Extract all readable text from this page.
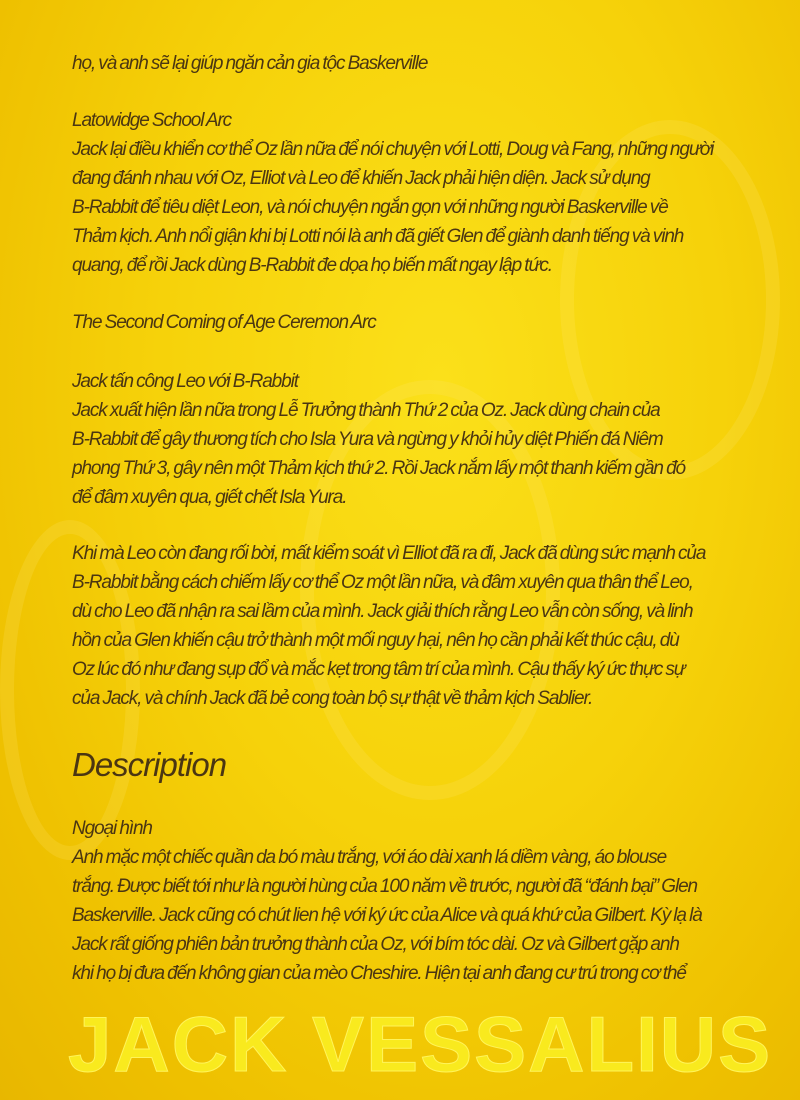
họ, và anh sẽ lại giúp ngăn cản gia tộc Baskerville
Latowidge School Arc
Jack lại điều khiển cơ thể Oz lần nữa để nói chuyện với Lotti, Doug và Fang, những người
đang đánh nhau với Oz, Elliot và Leo để khiến Jack phải hiện diện. Jack sử dụng
B-Rabbit để tiêu diệt Leon, và nói chuyện ngắn gọn với những người Baskerville về
Thảm kịch. Anh nổi giận khi bị Lotti nói là anh đã giết Glen để giành danh tiếng và vinh
quang, để rồi Jack dùng B-Rabbit đe dọa họ biến mất ngay lập tức.
The Second Coming of Age Ceremon Arc
Jack tấn công Leo với B-Rabbit
Jack xuất hiện lần nữa trong Lễ Trưởng thành Thứ 2 của Oz. Jack dùng chain của
B-Rabbit để gây thương tích cho Isla Yura và ngừng y khỏi hủy diệt Phiến đá Niêm
phong Thứ 3, gây nên một Thảm kịch thứ 2. Rồi Jack nắm lấy một thanh kiếm gần đó
để đâm xuyên qua, giết chết Isla Yura.
Khi mà Leo còn đang rối bời, mất kiểm soát vì Elliot đã ra đi, Jack đã dùng sức mạnh của
B-Rabbit bằng cách chiếm lấy cơ thể Oz một lần nữa, và đâm xuyên qua thân thể Leo,
dù cho Leo đã nhận ra sai lầm của mình. Jack giải thích rằng Leo vẫn còn sống, và linh
hồn của Glen khiến cậu trở thành một mối nguy hại, nên họ cần phải kết thúc cậu, dù
Oz lúc đó như đang sụp đổ và mắc kẹt trong tâm trí của mình. Cậu thấy ký ức thực sự
của Jack, và chính Jack đã bẻ cong toàn bộ sự thật về thảm kịch Sablier.
Description
Ngoại hình
Anh mặc một chiếc quần da bó màu trắng, với áo dài xanh lá diềm vàng, áo blouse
trắng. Được biết tới như là người hùng của 100 năm về trước, người đã “đánh bại” Glen
Baskerville. Jack cũng có chút lien hệ với ký ức của Alice và quá khứ của Gilbert. Kỳ lạ là
Jack rất giống phiên bản trưởng thành của Oz, với bím tóc dài. Oz và Gilbert gặp anh
khi họ bị đưa đến không gian của mèo Cheshire. Hiện tại anh đang cư trú trong cơ thể
JACK VESSALIUS
